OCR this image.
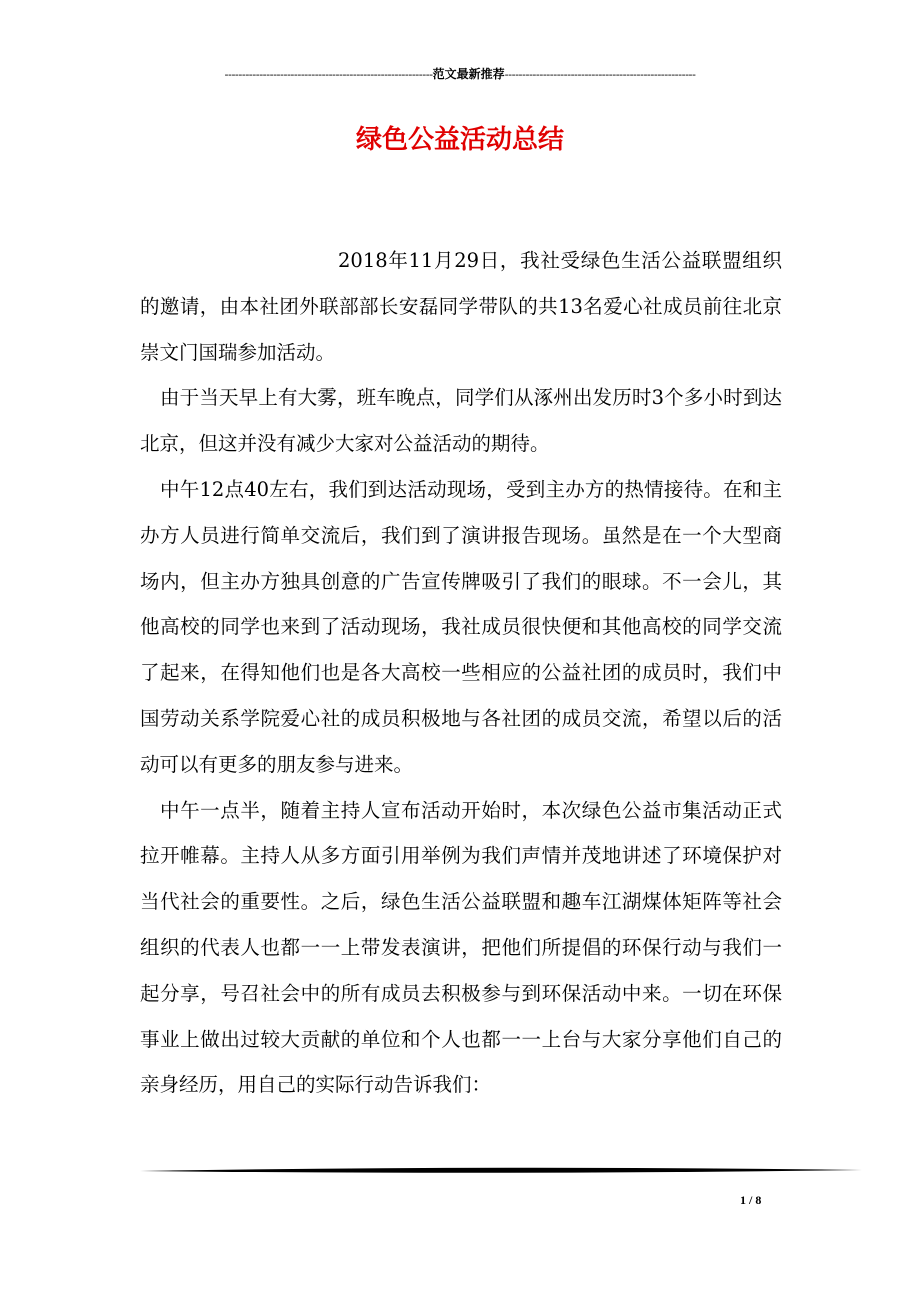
------------------------------------------------------------范文最新推荐-------------------------------------------------------
绿色公益活动总结

2018年11月29日，我社受绿色生活公益联盟组织的邀请，由本社团外联部部长安磊同学带队的共13名爱心社成员前往北京崇文门国瑞参加活动。

由于当天早上有大雾，班车晚点，同学们从涿州出发历时3个多小时到达北京，但这并没有减少大家对公益活动的期待。

中午12点40左右，我们到达活动现场，受到主办方的热情接待。在和主办方人员进行简单交流后，我们到了演讲报告现场。虽然是在一个大型商场内，但主办方独具创意的广告宣传牌吸引了我们的眼球。不一会儿，其他高校的同学也来到了活动现场，我社成员很快便和其他高校的同学交流了起来，在得知他们也是各大高校一些相应的公益社团的成员时，我们中国劳动关系学院爱心社的成员积极地与各社团的成员交流，希望以后的活动可以有更多的朋友参与进来。

中午一点半，随着主持人宣布活动开始时，本次绿色公益市集活动正式拉开帷幕。主持人从多方面引用举例为我们声情并茂地讲述了环境保护对当代社会的重要性。之后，绿色生活公益联盟和趣车江湖煤体矩阵等社会组织的代表人也都一一上带发表演讲，把他们所提倡的环保行动与我们一起分享，号召社会中的所有成员去积极参与到环保活动中来。一切在环保事业上做出过较大贡献的单位和个人也都一一上台与大家分享他们自己的亲身经历，用自己的实际行动告诉我们：

1 / 8
